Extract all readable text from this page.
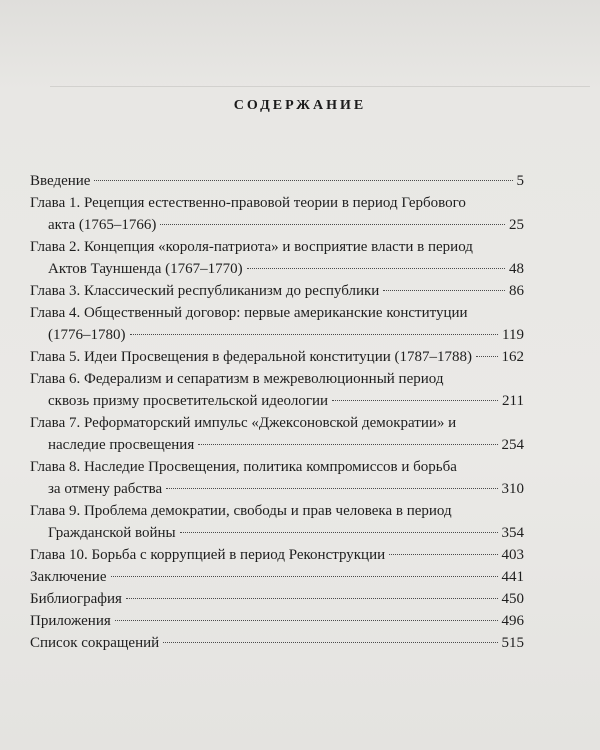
СОДЕРЖАНИЕ
Введение	5
Глава 1. Рецепция естественно-правовой теории в период Гербового
акта (1765–1766)	25
Глава 2. Концепция «короля-патриота» и восприятие власти в период
Актов Тауншенда (1767–1770)	48
Глава 3. Классический республиканизм до республики	86
Глава 4. Общественный договор: первые американские конституции
(1776–1780)	119
Глава 5. Идеи Просвещения в федеральной конституции (1787–1788) 162
Глава 6. Федерализм и сепаратизм в межреволюционный период
сквозь призму просветительской идеологии	211
Глава 7. Реформаторский импульс «Джексоновской демократии» и
наследие просвещения	254
Глава 8. Наследие Просвещения, политика компромиссов и борьба
за отмену рабства	310
Глава 9. Проблема демократии, свободы и прав человека в период
Гражданской войны	354
Глава 10. Борьба с коррупцией в период Реконструкции	403
Заключение	441
Библиография	450
Приложения	496
Список сокращений	515
